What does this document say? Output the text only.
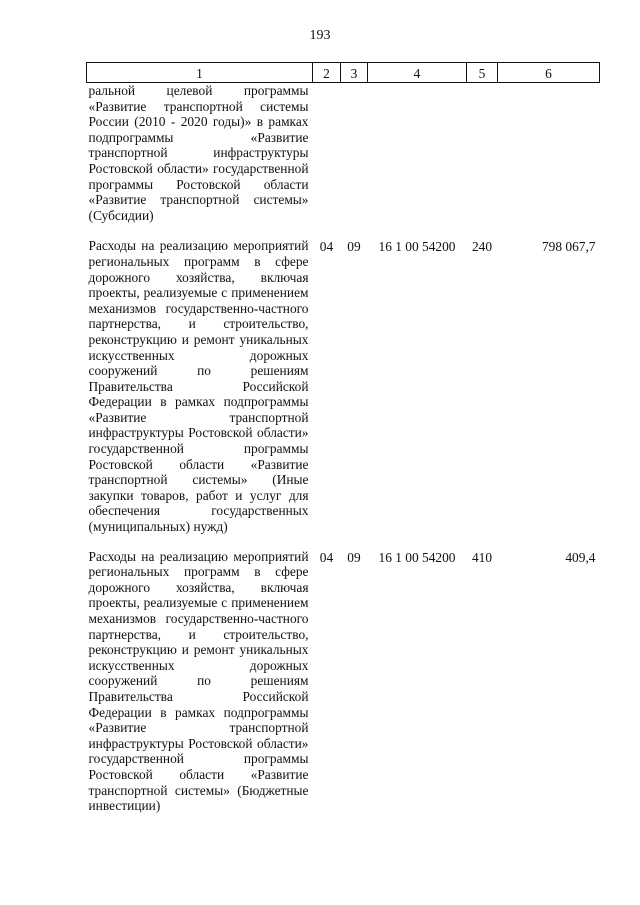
193
1	2	3	4	5	6
ральной целевой программы «Развитие транспортной системы России (2010 - 2020 годы)» в рамках подпрограммы «Развитие транспортной инфраструктуры Ростовской области» государственной программы Ростовской области «Развитие транспортной системы» (Субсидии)					
Расходы на реализацию мероприятий региональных программ в сфере дорожного хозяйства, включая проекты, реализуемые с применением механизмов государственно-частного партнерства, и строительство, реконструкцию и ремонт уникальных искусственных дорожных сооружений по решениям Правительства Российской Федерации в рамках подпрограммы «Развитие транспортной инфраструктуры Ростовской области» государственной программы Ростовской области «Развитие транспортной системы» (Иные закупки товаров, работ и услуг для обеспечения государственных (муниципальных) нужд)	04	09	16 1 00 54200	240	798 067,7
Расходы на реализацию мероприятий региональных программ в сфере дорожного хозяйства, включая проекты, реализуемые с применением механизмов государственно-частного партнерства, и строительство, реконструкцию и ремонт уникальных искусственных дорожных сооружений по решениям Правительства Российской Федерации в рамках подпрограммы «Развитие транспортной инфраструктуры Ростовской области» государственной программы Ростовской области «Развитие транспортной системы» (Бюджетные инвестиции)	04	09	16 1 00 54200	410	409,4
